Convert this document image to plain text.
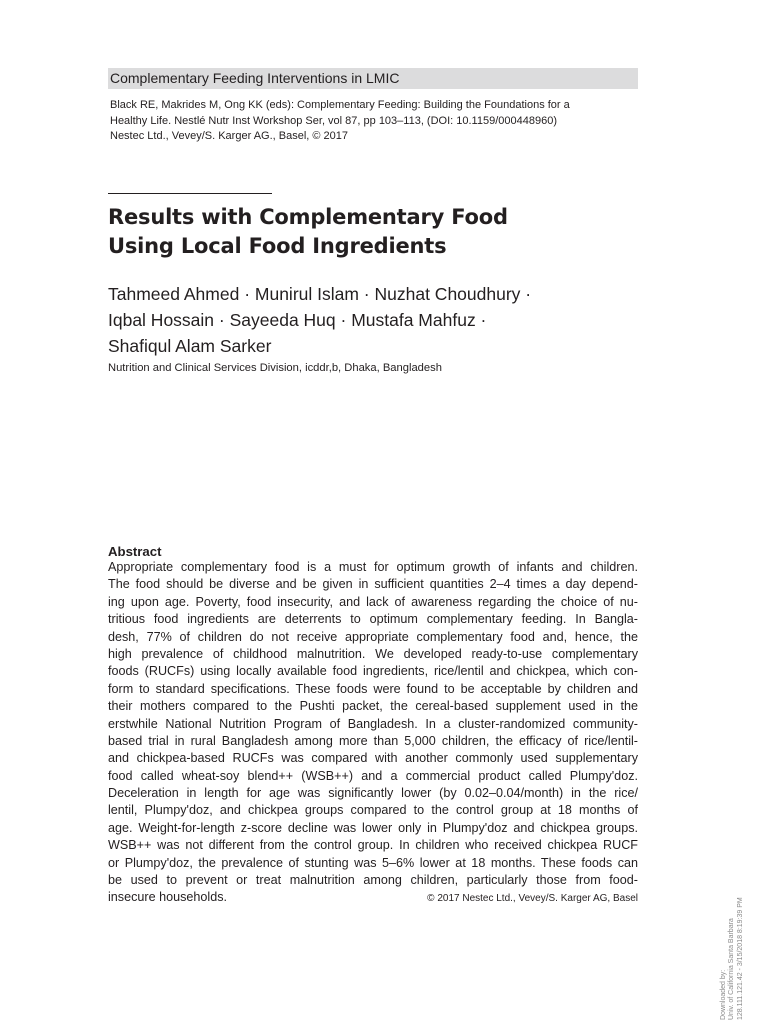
Complementary Feeding Interventions in LMIC
Black RE, Makrides M, Ong KK (eds): Complementary Feeding: Building the Foundations for a
Healthy Life. Nestlé Nutr Inst Workshop Ser, vol 87, pp 103–113, (DOI: 10.1159/000448960)
Nestec Ltd., Vevey/S. Karger AG., Basel, © 2017
Results with Complementary Food
Using Local Food Ingredients
Tahmeed Ahmed · Munirul Islam · Nuzhat Choudhury ·
Iqbal Hossain · Sayeeda Huq · Mustafa Mahfuz ·
Shafiqul Alam Sarker
Nutrition and Clinical Services Division, icddr,b, Dhaka, Bangladesh
Abstract
Appropriate complementary food is a must for optimum growth of infants and children.
The food should be diverse and be given in sufficient quantities 2–4 times a day depend-
ing upon age. Poverty, food insecurity, and lack of awareness regarding the choice of nu-
tritious food ingredients are deterrents to optimum complementary feeding. In Bangla-
desh, 77% of children do not receive appropriate complementary food and, hence, the
high prevalence of childhood malnutrition. We developed ready-to-use complementary
foods (RUCFs) using locally available food ingredients, rice/lentil and chickpea, which con-
form to standard specifications. These foods were found to be acceptable by children and
their mothers compared to the Pushti packet, the cereal-based supplement used in the
erstwhile National Nutrition Program of Bangladesh. In a cluster-randomized community-
based trial in rural Bangladesh among more than 5,000 children, the efficacy of rice/lentil-
and chickpea-based RUCFs was compared with another commonly used supplementary
food called wheat-soy blend++ (WSB++) and a commercial product called Plumpy'doz.
Deceleration in length for age was significantly lower (by 0.02–0.04/month) in the rice/
lentil, Plumpy'doz, and chickpea groups compared to the control group at 18 months of
age. Weight-for-length z-score decline was lower only in Plumpy'doz and chickpea groups.
WSB++ was not different from the control group. In children who received chickpea RUCF
or Plumpy'doz, the prevalence of stunting was 5–6% lower at 18 months. These foods can
be used to prevent or treat malnutrition among children, particularly those from food-
insecure households.	© 2017 Nestec Ltd., Vevey/S. Karger AG, Basel
Downloaded by: Univ. of California Santa Barbara 128.111.121.42 - 3/15/2018 8:19:39 PM
